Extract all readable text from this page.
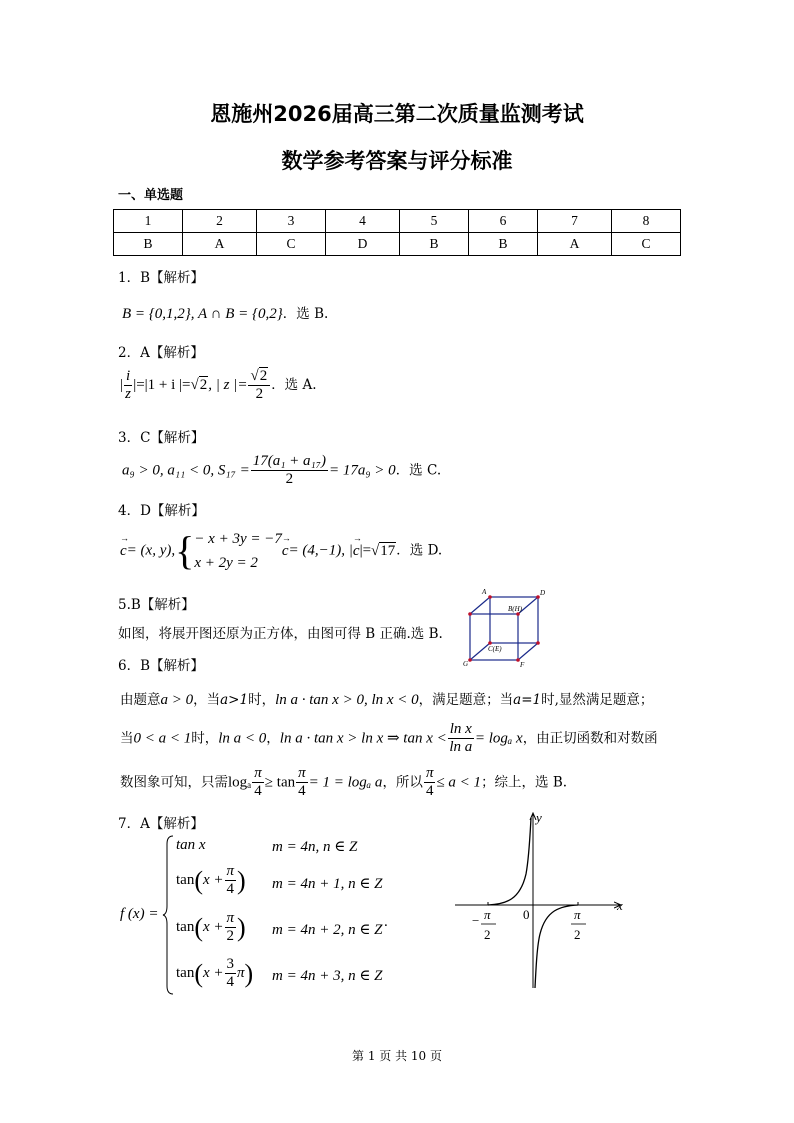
恩施州2026届高三第二次质量监测考试
数学参考答案与评分标准
一、单选题
1	2	3	4	5	6	7	8
B	A	C	D	B	B	A	C
1．B【解析】
B = {0,1,2}, A ∩ B = {0,2}．选 B.
2．A【解析】
| $\frac{i}{z} |=|1 + i$ |=√2, | z |= $\frac{√2}{2}$ ．选 A.
3．C【解析】
a₉ > 0, a₁₁ < 0, $S_{17} = \frac{\text{17(a₁ + a₁₇)}}{2} = 17a_9 > 0$．选 C.
4．D【解析】
→ c= (x, y),{ − x + 3y = −7
x + 2y = 2
→ c= (4,−1), |→ c|=√17．选 D.
5.B【解析】
如图，将展开图还原为正方体，由图可得 B 正确.选 B.
A	D
B(H)
C(E)
G	F
6．B【解析】
由题意a > 0，当a>1时，ln a · tan x > 0, ln x < 0，满足题意；当a=1时,显然满足题意；
当0 < a < 1时，ln a < 0，ln a · tan x > ln x ⇒ $\tan x < \frac{\text{ln x}}{\text{ln a}} = \log_a$ x，由正切函数和对数函
数图象可知，只需logₐ $\frac{\pi}{4} \ge \tan \frac{\pi}{4} = 1 = \log_a$ a，所以 $\frac{\pi}{4} \le a < 1$；综上，选 B.
7．A【解析】
f (x) =
tan x	m = 4n, n ∈ Z
$\tan(x + \frac{\pi}{4}$ ) m = 4n + 1, n ∈ Z
$\tan(x + \frac{\pi}{2}$ ) m = 4n + 2, n ∈ Z .
$\tan(x + \frac{3}{4} \pi)$ m = 4n + 3, n ∈ Z
y
x
0
− π
2
π
2
第 1 页 共 10 页
